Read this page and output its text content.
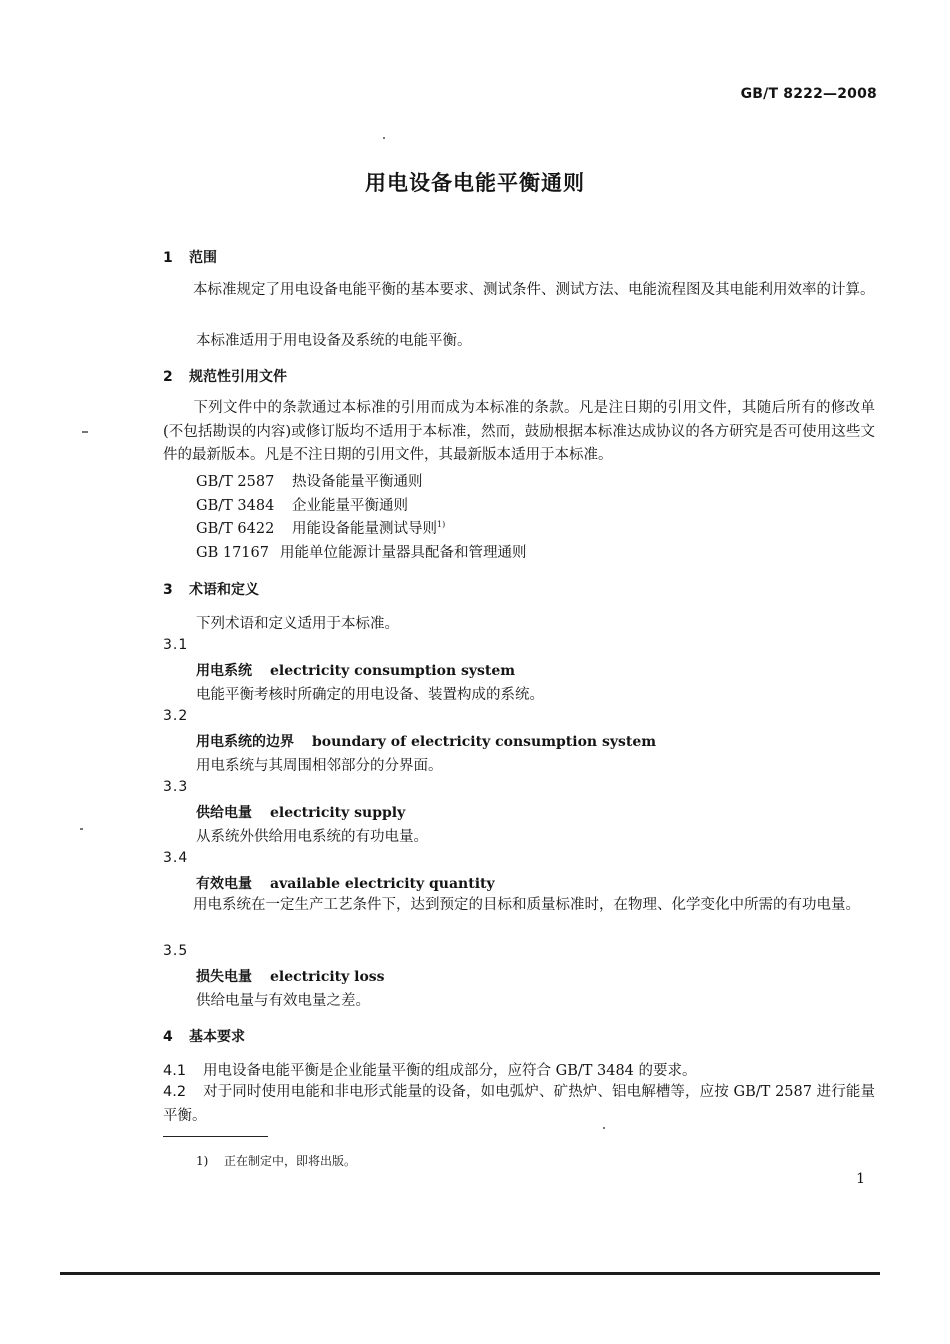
GB/T 8222—2008
用电设备电能平衡通则
1 范围
本标准规定了用电设备电能平衡的基本要求、测试条件、测试方法、电能流程图及其电能利用效率的计算。
本标准适用于用电设备及系统的电能平衡。
2 规范性引用文件
下列文件中的条款通过本标准的引用而成为本标准的条款。凡是注日期的引用文件，其随后所有的修改单(不包括勘误的内容)或修订版均不适用于本标准，然而，鼓励根据本标准达成协议的各方研究是否可使用这些文件的最新版本。凡是不注日期的引用文件，其最新版本适用于本标准。
GB/T 2587 热设备能量平衡通则
GB/T 3484 企业能量平衡通则
GB/T 6422 用能设备能量测试导则$^{1)}$
GB 17167 用能单位能源计量器具配备和管理通则
3 术语和定义
下列术语和定义适用于本标准。
3.1
用电系统 electricity consumption system
电能平衡考核时所确定的用电设备、装置构成的系统。
3.2
用电系统的边界 boundary of electricity consumption system
用电系统与其周围相邻部分的分界面。
3.3
供给电量 electricity supply
从系统外供给用电系统的有功电量。
3.4
有效电量 available electricity quantity
用电系统在一定生产工艺条件下，达到预定的目标和质量标准时，在物理、化学变化中所需的有功电量。
3.5
损失电量 electricity loss
供给电量与有效电量之差。
4 基本要求
4.1 用电设备电能平衡是企业能量平衡的组成部分，应符合 GB/T 3484 的要求。
4.2 对于同时使用电能和非电形式能量的设备，如电弧炉、矿热炉、铝电解槽等，应按 GB/T 2587 进行能量平衡。
1) 正在制定中，即将出版。
1
